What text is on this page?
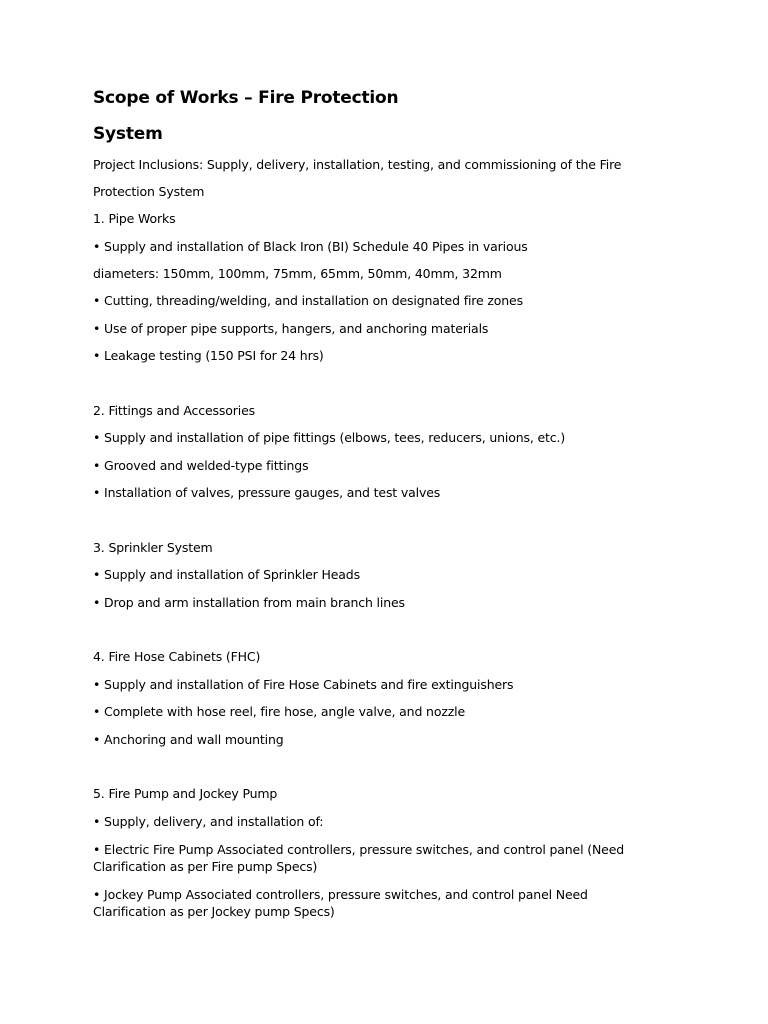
Scope of Works – Fire Protection
System
Project Inclusions: Supply, delivery, installation, testing, and commissioning of the Fire
Protection System
1. Pipe Works
• Supply and installation of Black Iron (BI) Schedule 40 Pipes in various
diameters: 150mm, 100mm, 75mm, 65mm, 50mm, 40mm, 32mm
• Cutting, threading/welding, and installation on designated fire zones
• Use of proper pipe supports, hangers, and anchoring materials
• Leakage testing (150 PSI for 24 hrs)
2. Fittings and Accessories
• Supply and installation of pipe fittings (elbows, tees, reducers, unions, etc.)
• Grooved and welded-type fittings
• Installation of valves, pressure gauges, and test valves
3. Sprinkler System
• Supply and installation of Sprinkler Heads
• Drop and arm installation from main branch lines
4. Fire Hose Cabinets (FHC)
• Supply and installation of Fire Hose Cabinets and fire extinguishers
• Complete with hose reel, fire hose, angle valve, and nozzle
• Anchoring and wall mounting
5. Fire Pump and Jockey Pump
• Supply, delivery, and installation of:
• Electric Fire Pump Associated controllers, pressure switches, and control panel (Need Clarification as per Fire pump Specs)
• Jockey Pump Associated controllers, pressure switches, and control panel Need Clarification as per Jockey pump Specs)
